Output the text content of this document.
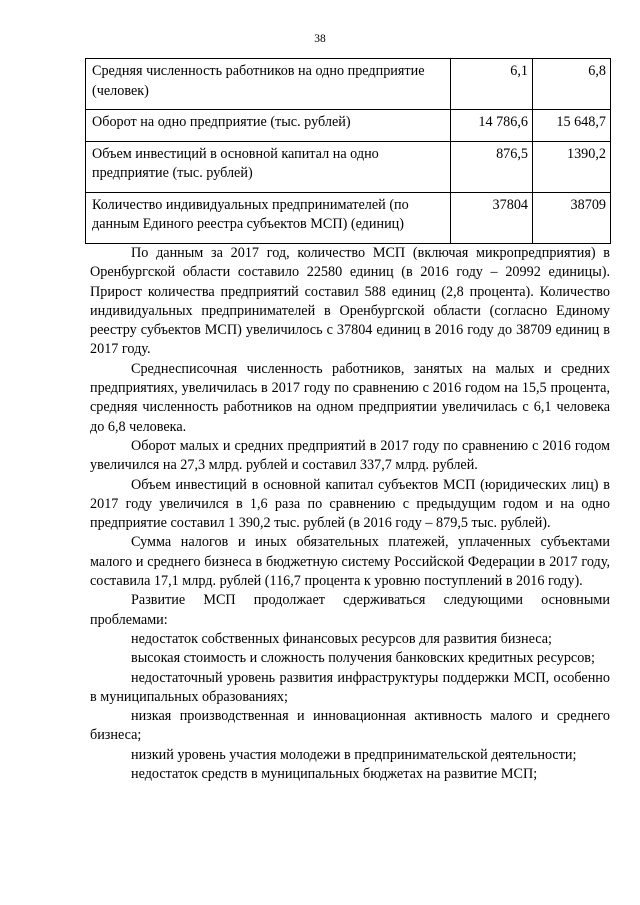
38
Средняя численность работников на одно предприятие (человек)	6,1	6,8
Оборот на одно предприятие (тыс. рублей)	14 786,6	15 648,7
Объем инвестиций в основной капитал на одно предприятие (тыс. рублей)	876,5	1390,2
Количество индивидуальных предпринимателей (по данным Единого реестра субъектов МСП) (единиц)	37804	38709

По данным за 2017 год, количество МСП (включая микропредприятия) в Оренбургской области составило 22580 единиц (в 2016 году – 20992 единицы). Прирост количества предприятий составил 588 единиц (2,8 процента). Количество индивидуальных предпринимателей в Оренбургской области (согласно Единому реестру субъектов МСП) увеличилось с 37804 единиц в 2016 году до 38709 единиц в 2017 году.

Среднесписочная численность работников, занятых на малых и средних предприятиях, увеличилась в 2017 году по сравнению с 2016 годом на 15,5 процента, средняя численность работников на одном предприятии увеличилась с 6,1 человека до 6,8 человека.

Оборот малых и средних предприятий в 2017 году по сравнению с 2016 годом увеличился на 27,3 млрд. рублей и составил 337,7 млрд. рублей.

Объем инвестиций в основной капитал субъектов МСП (юридических лиц) в 2017 году увеличился в 1,6 раза по сравнению с предыдущим годом и на одно предприятие составил 1 390,2 тыс. рублей (в 2016 году – 879,5 тыс. рублей).

Сумма налогов и иных обязательных платежей, уплаченных субъектами малого и среднего бизнеса в бюджетную систему Российской Федерации в 2017 году, составила 17,1 млрд. рублей (116,7 процента к уровню поступлений в 2016 году).

Развитие МСП продолжает сдерживаться следующими основными проблемами:

недостаток собственных финансовых ресурсов для развития бизнеса;

высокая стоимость и сложность получения банковских кредитных ресурсов;

недостаточный уровень развития инфраструктуры поддержки МСП, особенно в муниципальных образованиях;

низкая производственная и инновационная активность малого и среднего бизнеса;

низкий уровень участия молодежи в предпринимательской деятельности;

недостаток средств в муниципальных бюджетах на развитие МСП;
